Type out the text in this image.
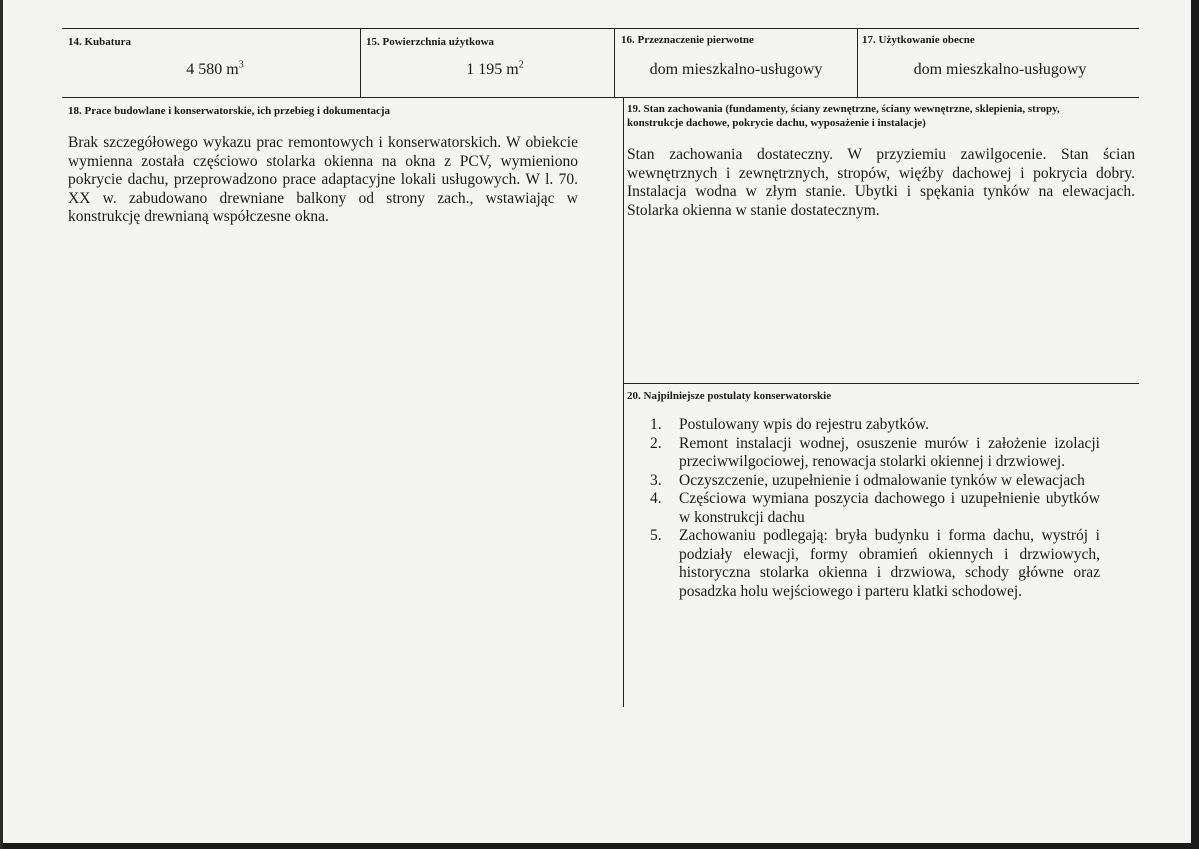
14. Kubatura
4 580 $m^3$
15. Powierzchnia użytkowa
1 195 $m^2$
16. Przeznaczenie pierwotne
dom mieszkalno-usługowy
17. Użytkowanie obecne
dom mieszkalno-usługowy
18. Prace budowlane i konserwatorskie, ich przebieg i dokumentacja
Brak szczegółowego wykazu prac remontowych i konserwatorskich. W obiekcie wymienna została częściowo stolarka okienna na okna z PCV, wymieniono pokrycie dachu, przeprowadzono prace adaptacyjne lokali usługowych. W l. 70. XX w. zabudowano drewniane balkony od strony zach., wstawiając w konstrukcję drewnianą współczesne okna.
19. Stan zachowania (fundamenty, ściany zewnętrzne, ściany wewnętrzne, sklepienia, stropy,
konstrukcje dachowe, pokrycie dachu, wyposażenie i instalacje)
Stan zachowania dostateczny. W przyziemiu zawilgocenie. Stan ścian wewnętrznych i zewnętrznych, stropów, więźby dachowej i pokrycia dobry. Instalacja wodna w złym stanie. Ubytki i spękania tynków na elewacjach. Stolarka okienna w stanie dostatecznym.
20. Najpilniejsze postulaty konserwatorskie
1.	Postulowany wpis do rejestru zabytków.
2.	Remont instalacji wodnej, osuszenie murów i założenie izolacji przeciwwilgociowej, renowacja stolarki okiennej i drzwiowej.
3.	Oczyszczenie, uzupełnienie i odmalowanie tynków w elewacjach
4.	Częściowa wymiana poszycia dachowego i uzupełnienie ubytków w konstrukcji dachu
5.	Zachowaniu podlegają: bryła budynku i forma dachu, wystrój i podziały elewacji, formy obramień okiennych i drzwiowych, historyczna stolarka okienna i drzwiowa, schody główne oraz posadzka holu wejściowego i parteru klatki schodowej.
